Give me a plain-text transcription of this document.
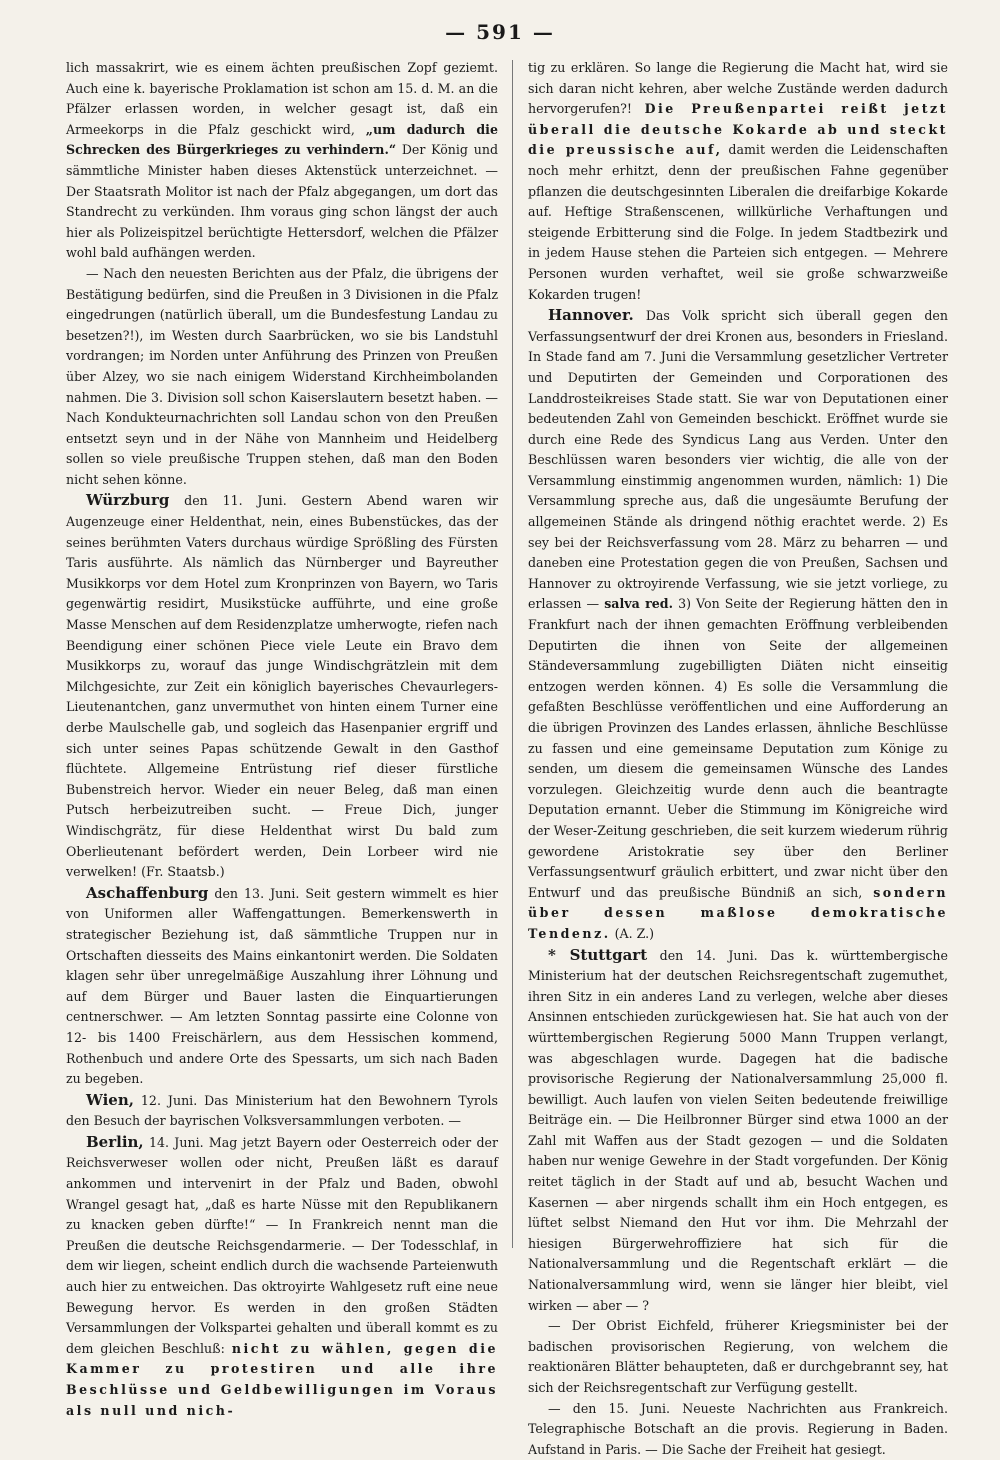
— 591 —

lich massakrirt, wie es einem ächten preußischen Zopf geziemt. Auch eine k. bayerische Proklamation ist schon am 15. d. M. an die Pfälzer erlassen worden, in welcher gesagt ist, daß ein Armeekorps in die Pfalz geschickt wird, „um dadurch die Schrecken des Bürgerkrieges zu verhindern.“ Der König und sämmtliche Minister haben dieses Aktenstück unterzeichnet. — Der Staatsrath Molitor ist nach der Pfalz abgegangen, um dort das Standrecht zu verkünden. Ihm voraus ging schon längst der auch hier als Polizeispitzel berüchtigte Hettersdorf, welchen die Pfälzer wohl bald aufhängen werden.

— Nach den neuesten Berichten aus der Pfalz, die übrigens der Bestätigung bedürfen, sind die Preußen in 3 Divisionen in die Pfalz eingedrungen (natürlich überall, um die Bundesfestung Landau zu besetzen?!), im Westen durch Saarbrücken, wo sie bis Landstuhl vordrangen; im Norden unter Anführung des Prinzen von Preußen über Alzey, wo sie nach einigem Widerstand Kirchheimbolanden nahmen. Die 3. Division soll schon Kaiserslautern besetzt haben. — Nach Kondukteurnachrichten soll Landau schon von den Preußen entsetzt seyn und in der Nähe von Mannheim und Heidelberg sollen so viele preußische Truppen stehen, daß man den Boden nicht sehen könne.

Würzburg den 11. Juni. Gestern Abend waren wir Augenzeuge einer Heldenthat, nein, eines Bubenstückes, das der seines berühmten Vaters durchaus würdige Sprößling des Fürsten Taris ausführte. Als nämlich das Nürnberger und Bayreuther Musikkorps vor dem Hotel zum Kronprinzen von Bayern, wo Taris gegenwärtig residirt, Musikstücke aufführte, und eine große Masse Menschen auf dem Residenzplatze umherwogte, riefen nach Beendigung einer schönen Piece viele Leute ein Bravo dem Musikkorps zu, worauf das junge Windischgrätzlein mit dem Milchgesichte, zur Zeit ein königlich bayerisches Chevaurlegers-Lieutenantchen, ganz unvermuthet von hinten einem Turner eine derbe Maulschelle gab, und sogleich das Hasenpanier ergriff und sich unter seines Papas schützende Gewalt in den Gasthof flüchtete. Allgemeine Entrüstung rief dieser fürstliche Bubenstreich hervor. Wieder ein neuer Beleg, daß man einen Putsch herbeizutreiben sucht. — Freue Dich, junger Windischgrätz, für diese Heldenthat wirst Du bald zum Oberlieutenant befördert werden, Dein Lorbeer wird nie verwelken! (Fr. Staatsb.)

Aschaffenburg den 13. Juni. Seit gestern wimmelt es hier von Uniformen aller Waffengattungen. Bemerkenswerth in strategischer Beziehung ist, daß sämmtliche Truppen nur in Ortschaften diesseits des Mains einkantonirt werden. Die Soldaten klagen sehr über unregelmäßige Auszahlung ihrer Löhnung und auf dem Bürger und Bauer lasten die Einquartierungen centnerschwer. — Am letzten Sonntag passirte eine Colonne von 12- bis 1400 Freischärlern, aus dem Hessischen kommend, Rothenbuch und andere Orte des Spessarts, um sich nach Baden zu begeben.

Wien, 12. Juni. Das Ministerium hat den Bewohnern Tyrols den Besuch der bayrischen Volksversammlungen verboten. —

Berlin, 14. Juni. Mag jetzt Bayern oder Oesterreich oder der Reichsverweser wollen oder nicht, Preußen läßt es darauf ankommen und intervenirt in der Pfalz und Baden, obwohl Wrangel gesagt hat, „daß es harte Nüsse mit den Republikanern zu knacken geben dürfte!“ — In Frankreich nennt man die Preußen die deutsche Reichsgendarmerie. — Der Todesschlaf, in dem wir liegen, scheint endlich durch die wachsende Parteienwuth auch hier zu entweichen. Das oktroyirte Wahlgesetz ruft eine neue Bewegung hervor. Es werden in den großen Städten Versammlungen der Volkspartei gehalten und überall kommt es zu dem gleichen Beschluß: nicht zu wählen, gegen die Kammer zu protestiren und alle ihre Beschlüsse und Geldbewilligungen im Voraus als null und nich-

tig zu erklären. So lange die Regierung die Macht hat, wird sie sich daran nicht kehren, aber welche Zustände werden dadurch hervorgerufen?! Die Preußenpartei reißt jetzt überall die deutsche Kokarde ab und steckt die preussische auf, damit werden die Leidenschaften noch mehr erhitzt, denn der preußischen Fahne gegenüber pflanzen die deutschgesinnten Liberalen die dreifarbige Kokarde auf. Heftige Straßenscenen, willkürliche Verhaftungen und steigende Erbitterung sind die Folge. In jedem Stadtbezirk und in jedem Hause stehen die Parteien sich entgegen. — Mehrere Personen wurden verhaftet, weil sie große schwarzweiße Kokarden trugen!

Hannover. Das Volk spricht sich überall gegen den Verfassungsentwurf der drei Kronen aus, besonders in Friesland. In Stade fand am 7. Juni die Versammlung gesetzlicher Vertreter und Deputirten der Gemeinden und Corporationen des Landdrosteikreises Stade statt. Sie war von Deputationen einer bedeutenden Zahl von Gemeinden beschickt. Eröffnet wurde sie durch eine Rede des Syndicus Lang aus Verden. Unter den Beschlüssen waren besonders vier wichtig, die alle von der Versammlung einstimmig angenommen wurden, nämlich: 1) Die Versammlung spreche aus, daß die ungesäumte Berufung der allgemeinen Stände als dringend nöthig erachtet werde. 2) Es sey bei der Reichsverfassung vom 28. März zu beharren — und daneben eine Protestation gegen die von Preußen, Sachsen und Hannover zu oktroyirende Verfassung, wie sie jetzt vorliege, zu erlassen — salva red. 3) Von Seite der Regierung hätten den in Frankfurt nach der ihnen gemachten Eröffnung verbleibenden Deputirten die ihnen von Seite der allgemeinen Ständeversammlung zugebilligten Diäten nicht einseitig entzogen werden können. 4) Es solle die Versammlung die gefaßten Beschlüsse veröffentlichen und eine Aufforderung an die übrigen Provinzen des Landes erlassen, ähnliche Beschlüsse zu fassen und eine gemeinsame Deputation zum Könige zu senden, um diesem die gemeinsamen Wünsche des Landes vorzulegen. Gleichzeitig wurde denn auch die beantragte Deputation ernannt. Ueber die Stimmung im Königreiche wird der Weser-Zeitung geschrieben, die seit kurzem wiederum rührig gewordene Aristokratie sey über den Berliner Verfassungsentwurf gräulich erbittert, und zwar nicht über den Entwurf und das preußische Bündniß an sich, sondern über dessen maßlose demokratische Tendenz. (A. Z.)

* Stuttgart den 14. Juni. Das k. württembergische Ministerium hat der deutschen Reichsregentschaft zugemuthet, ihren Sitz in ein anderes Land zu verlegen, welche aber dieses Ansinnen entschieden zurückgewiesen hat. Sie hat auch von der württembergischen Regierung 5000 Mann Truppen verlangt, was abgeschlagen wurde. Dagegen hat die badische provisorische Regierung der Nationalversammlung 25,000 fl. bewilligt. Auch laufen von vielen Seiten bedeutende freiwillige Beiträge ein. — Die Heilbronner Bürger sind etwa 1000 an der Zahl mit Waffen aus der Stadt gezogen — und die Soldaten haben nur wenige Gewehre in der Stadt vorgefunden. Der König reitet täglich in der Stadt auf und ab, besucht Wachen und Kasernen — aber nirgends schallt ihm ein Hoch entgegen, es lüftet selbst Niemand den Hut vor ihm. Die Mehrzahl der hiesigen Bürgerwehroffiziere hat sich für die Nationalversammlung und die Regentschaft erklärt — die Nationalversammlung wird, wenn sie länger hier bleibt, viel wirken — aber — ?

— Der Obrist Eichfeld, früherer Kriegsminister bei der badischen provisorischen Regierung, von welchem die reaktionären Blätter behaupteten, daß er durchgebrannt sey, hat sich der Reichsregentschaft zur Verfügung gestellt.

— den 15. Juni. Neueste Nachrichten aus Frankreich. Telegraphische Botschaft an die provis. Regierung in Baden. Aufstand in Paris. — Die Sache der Freiheit hat gesiegt.
